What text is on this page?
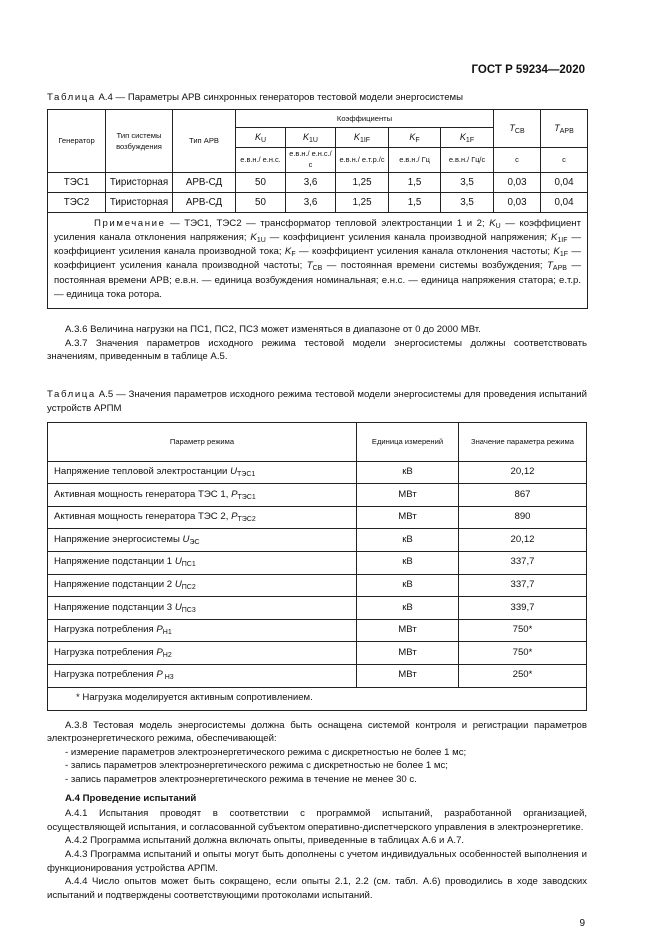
ГОСТ Р 59234—2020
Таблица А.4 — Параметры АРВ синхронных генераторов тестовой модели энергосистемы
Генератор	Тип системы возбуждения	Тип АРВ	Коэффициенты					$T_{СВ}$	$T_{АРВ}$
			$K_U$	$K_{1U}$	$K_{1IF}$	$K_F$	$K_{1F}$
			е.в.н./ е.н.с.	е.в.н./ е.н.с./с	е.в.н./ е.т.р./с	е.в.н./ Гц	е.в.н./ Гц/с	с	с
ТЭС1	Тиристорная	АРВ-СД	50	3,6	1,25	1,5	3,5	0,03	0,04
ТЭС2	Тиристорная	АРВ-СД	50	3,6	1,25	1,5	3,5	0,03	0,04
Примечание — ТЭС1, ТЭС2 — трансформатор тепловой электростанции 1 и 2; $K_U$ — коэффициент усиления канала отклонения напряжения; $K_{1U}$ — коэффициент усиления канала производной напряжения; $K_{1IF}$ — коэффициент усиления канала производной тока; $K_F$ — коэффициент усиления канала отклонения частоты; $K_{1F}$ — коэффициент усиления канала производной частоты; $T_{СВ}$ — постоянная времени системы возбуждения; $T_{АРВ}$ — постоянная времени АРВ; е.в.н. — единица возбуждения номинальная; е.н.с. — единица напряжения статора; е.т.р. — единица тока ротора.									

А.3.6 Величина нагрузки на ПС1, ПС2, ПС3 может изменяться в диапазоне от 0 до 2000 МВт.

А.3.7 Значения параметров исходного режима тестовой модели энергосистемы должны соответствовать значениям, приведенным в таблице А.5.

Таблица А.5 — Значения параметров исходного режима тестовой модели энергосистемы для проведения испытаний устройств АРПМ
Параметр режима	Единица измерений	Значение параметра режима
Напряжение тепловой электростанции $U_{ТЭС1}$	кВ	20,12
Активная мощность генератора ТЭС 1, $P_{ТЭС1}$	МВт	867
Активная мощность генератора ТЭС 2, $P_{ТЭС2}$	МВт	890
Напряжение энергосистемы $U_{ЭС}$	кВ	20,12
Напряжение подстанции 1 $U_{ПС1}$	кВ	337,7
Напряжение подстанции 2 $U_{ПС2}$	кВ	337,7
Напряжение подстанции 3 $U_{ПС3}$	кВ	339,7
Нагрузка потребления $P_{Н1}$	МВт	750*
Нагрузка потребления $P_{Н2}$	МВт	750*
Нагрузка потребления P $_{Н3}$	МВт	250*
* Нагрузка моделируется активным сопротивлением.		

А.3.8 Тестовая модель энергосистемы должна быть оснащена системой контроля и регистрации параметров электроэнергетического режима, обеспечивающей:

- измерение параметров электроэнергетического режима с дискретностью не более 1 мс;

- запись параметров электроэнергетического режима с дискретностью не более 1 мс;

- запись параметров электроэнергетического режима в течение не менее 30 с.

А.4 Проведение испытаний

А.4.1 Испытания проводят в соответствии с программой испытаний, разработанной организацией, осуществляющей испытания, и согласованной субъектом оперативно-диспетчерского управления в электроэнергетике.

А.4.2 Программа испытаний должна включать опыты, приведенные в таблицах А.6 и А.7.

А.4.3 Программа испытаний и опыты могут быть дополнены с учетом индивидуальных особенностей выполнения и функционирования устройства АРПМ.

А.4.4 Число опытов может быть сокращено, если опыты 2.1, 2.2 (см. табл. А.6) проводились в ходе заводских испытаний и подтверждены соответствующими протоколами испытаний.

9
